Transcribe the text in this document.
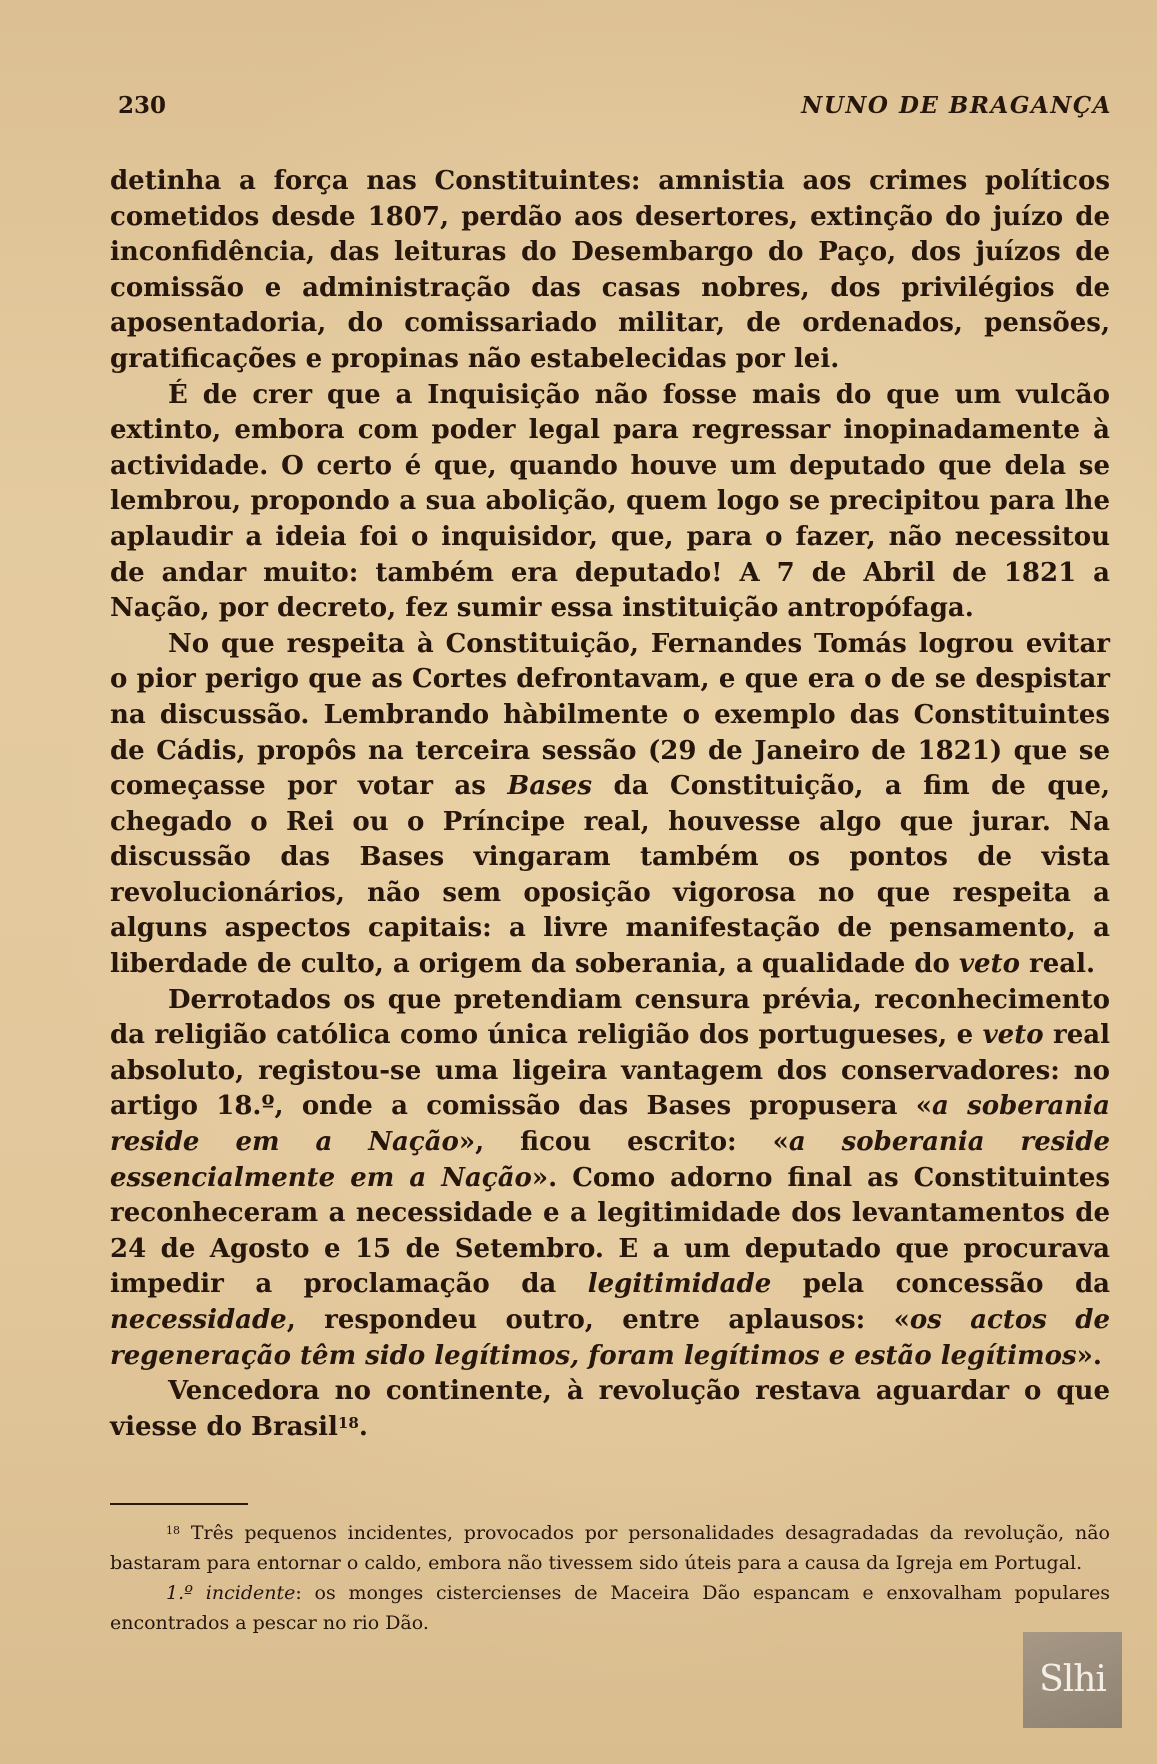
230	NUNO DE BRAGANÇA

detinha a força nas Constituintes: amnistia aos crimes políticos cometidos desde 1807, perdão aos desertores, extinção do juízo de inconfidência, das leituras do Desembargo do Paço, dos juízos de comissão e administração das casas nobres, dos privilégios de aposentadoria, do comissariado militar, de ordenados, pensões, gratificações e propinas não estabelecidas por lei.

É de crer que a Inquisição não fosse mais do que um vulcão extinto, embora com poder legal para regressar inopinadamente à actividade. O certo é que, quando houve um deputado que dela se lembrou, propondo a sua abolição, quem logo se precipitou para lhe aplaudir a ideia foi o inquisidor, que, para o fazer, não necessitou de andar muito: também era deputado! A 7 de Abril de 1821 a Nação, por decreto, fez sumir essa instituição antropófaga.

No que respeita à Constituição, Fernandes Tomás logrou evitar o pior perigo que as Cortes defrontavam, e que era o de se despistar na discussão. Lembrando hàbilmente o exemplo das Constituintes de Cádis, propôs na terceira sessão (29 de Janeiro de 1821) que se começasse por votar as Bases da Constituição, a fim de que, chegado o Rei ou o Príncipe real, houvesse algo que jurar. Na discussão das Bases vingaram também os pontos de vista revolucionários, não sem oposição vigorosa no que respeita a alguns aspectos capitais: a livre manifestação de pensamento, a liberdade de culto, a origem da soberania, a qualidade do veto real.

Derrotados os que pretendiam censura prévia, reconhecimento da religião católica como única religião dos portugueses, e veto real absoluto, registou-se uma ligeira vantagem dos conservadores: no artigo 18.º, onde a comissão das Bases propusera «a soberania reside em a Nação», ficou escrito: «a soberania reside essencialmente em a Nação». Como adorno final as Constituintes reconheceram a necessidade e a legitimidade dos levantamentos de 24 de Agosto e 15 de Setembro. E a um deputado que procurava impedir a proclamação da legitimidade pela concessão da necessidade, respondeu outro, entre aplausos: «os actos de regeneração têm sido legítimos, foram legítimos e estão legítimos».

Vencedora no continente, à revolução restava aguardar o que viesse do Brasil$^{18}$.

$^{18}$ Três pequenos incidentes, provocados por personalidades desagradadas da revolução, não bastaram para entornar o caldo, embora não tivessem sido úteis para a causa da Igreja em Portugal.

1.º incidente: os monges cistercienses de Maceira Dão espancam e enxovalham populares encontrados a pescar no rio Dão.

Slhi
